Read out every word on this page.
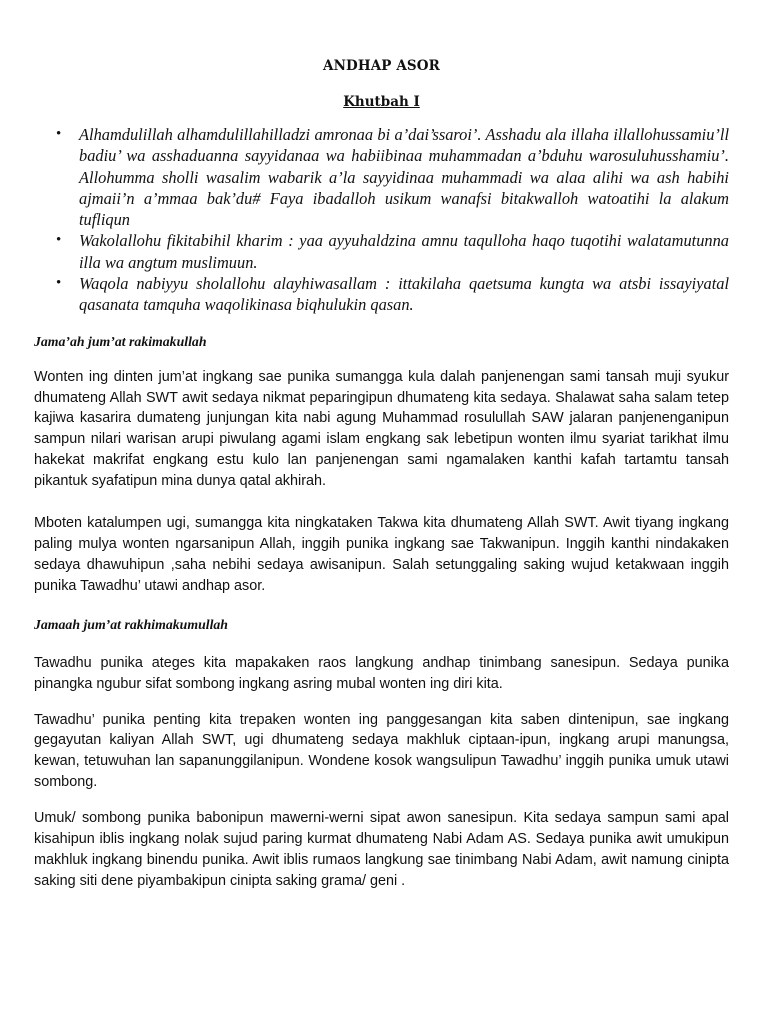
ANDHAP ASOR
Khutbah I
• Alhamdulillah alhamdulillahilladzi amronaa bi a’dai’ssaroi’. Asshadu ala illaha illallohussamiu’ll badiu’ wa asshaduanna sayyidanaa wa habiibinaa muhammadan a’bduhu warosuluhusshamiu’. Allohumma sholli wasalim wabarik a’la sayyidinaa muhammadi wa alaa alihi wa ash habihi ajmaii’n a’mmaa bak’du# Faya ibadalloh usikum wanafsi bitakwalloh watoatihi la alakum tufliqun
• Wakolallohu fikitabihil kharim : yaa ayyuhaldzina amnu taqulloha haqo tuqotihi walatamutunna illa wa angtum muslimuun.
• Waqola nabiyyu sholallohu alayhiwasallam : ittakilaha qaetsuma kungta wa atsbi issayiyatal qasanata tamquha waqolikinasa biqhulukin qasan.

Jama’ah jum’at rakimakullah

Wonten ing dinten jum’at ingkang sae punika sumangga kula dalah panjenengan sami tansah muji syukur dhumateng Allah SWT awit sedaya nikmat peparingipun dhumateng kita sedaya. Shalawat saha salam tetep kajiwa kasarira dumateng junjungan kita nabi agung Muhammad rosulullah SAW jalaran panjenenganipun sampun nilari warisan arupi piwulang agami islam engkang sak lebetipun wonten ilmu syariat tarikhat ilmu hakekat makrifat engkang estu kulo lan panjenengan sami ngamalaken kanthi kafah tartamtu tansah pikantuk syafatipun mina dunya qatal akhirah.

Mboten katalumpen ugi, sumangga kita ningkataken Takwa kita dhumateng Allah SWT. Awit tiyang ingkang paling mulya wonten ngarsanipun Allah, inggih punika ingkang sae Takwanipun. Inggih kanthi nindakaken sedaya dhawuhipun ,saha nebihi sedaya awisanipun. Salah setunggaling saking wujud ketakwaan inggih punika Tawadhu’ utawi andhap asor.

Jamaah jum’at rakhimakumullah

Tawadhu punika ateges kita mapakaken raos langkung andhap tinimbang sanesipun. Sedaya punika pinangka ngubur sifat sombong ingkang asring mubal wonten ing diri kita.

Tawadhu’ punika penting kita trepaken wonten ing panggesangan kita saben dintenipun, sae ingkang gegayutan kaliyan Allah SWT, ugi dhumateng sedaya makhluk ciptaan-ipun, ingkang arupi manungsa, kewan, tetuwuhan lan sapanunggilanipun. Wondene kosok wangsulipun Tawadhu’ inggih punika umuk utawi sombong.

Umuk/ sombong punika babonipun mawerni-werni sipat awon sanesipun. Kita sedaya sampun sami apal kisahipun iblis ingkang nolak sujud paring kurmat dhumateng Nabi Adam AS. Sedaya punika awit umukipun makhluk ingkang binendu punika. Awit iblis rumaos langkung sae tinimbang Nabi Adam, awit namung cinipta saking siti dene piyambakipun cinipta saking grama/ geni .
